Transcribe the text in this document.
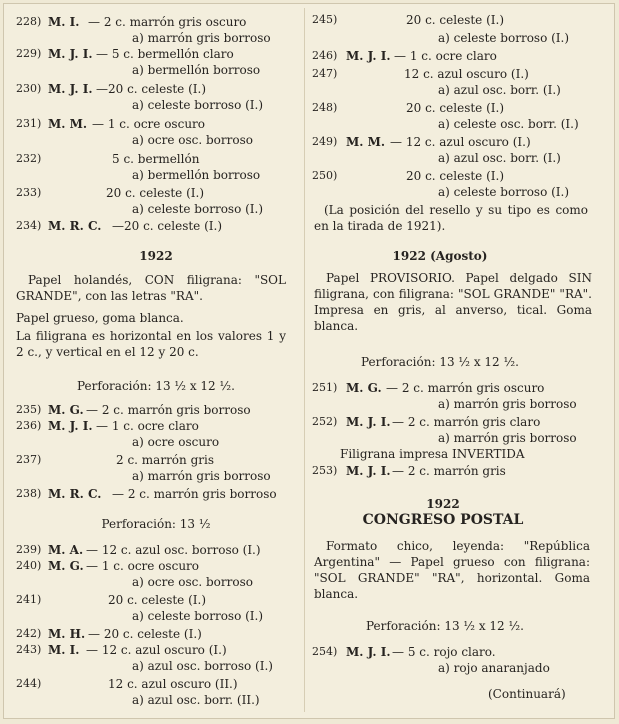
228) M. I. — 2 c. marrón gris oscuro
a) marrón gris borroso
229) M. J. I. — 5 c. bermellón claro
a) bermellón borroso
230) M. J. I. —20 c. celeste (I.)
a) celeste borroso (I.)
231) M. M. — 1 c. ocre oscuro
a) ocre osc. borroso
232)	5 c. bermellón
a) bermellón borroso
233)	20 c. celeste (I.)
a) celeste borroso (I.)
234) M. R. C. —20 c. celeste (I.)
1922
Papel holandés, CON filigrana: "SOL GRANDE", con las letras "RA".
Papel grueso, goma blanca.
La filigrana es horizontal en los valores 1 y 2 c., y vertical en el 12 y 20 c.
Perforación: 13 ½ x 12 ½.
235) M. G. — 2 c. marrón gris borroso
236) M. J. I. — 1 c. ocre claro
a) ocre oscuro
237)	2 c. marrón gris
a) marrón gris borroso
238) M. R. C. — 2 c. marrón gris borroso
Perforación: 13 ½
239) M. A. — 12 c. azul osc. borroso (I.)
240) M. G. — 1 c. ocre oscuro
a) ocre osc. borroso
241)	20 c. celeste (I.)
a) celeste borroso (I.)
242) M. H. — 20 c. celeste (I.)
243) M. I. — 12 c. azul oscuro (I.)
a) azul osc. borroso (I.)
244)	12 c. azul oscuro (II.)
a) azul osc. borr. (II.)
245)	20 c. celeste (I.)
a) celeste borroso (I.)
246) M. J. I. — 1 c. ocre claro
247)	12 c. azul oscuro (I.)
a) azul osc. borr. (I.)
248)	20 c. celeste (I.)
a) celeste osc. borr. (I.)
249) M. M. — 12 c. azul oscuro (I.)
a) azul osc. borr. (I.)
250)	20 c. celeste (I.)
a) celeste borroso (I.)
(La posición del resello y su tipo es como en la tirada de 1921).
1922 (Agosto)
Papel PROVISORIO. Papel delgado SIN filigrana, con filigrana: "SOL GRANDE" "RA". Impresa en gris, al anverso, tical. Goma blanca.
Perforación: 13 ½ x 12 ½.
251) M. G. — 2 c. marrón gris oscuro
a) marrón gris borroso
252) M. J. I. — 2 c. marrón gris claro
a) marrón gris borroso
Filigrana impresa INVERTIDA
253) M. J. I. — 2 c. marrón gris
1922
CONGRESO POSTAL
Formato chico, leyenda: "República Argentina" — Papel grueso con filigrana: "SOL GRANDE" "RA", horizontal. Goma blanca.
Perforación: 13 ½ x 12 ½.
254) M. J. I. — 5 c. rojo claro.
a) rojo anaranjado
(Continuará)
